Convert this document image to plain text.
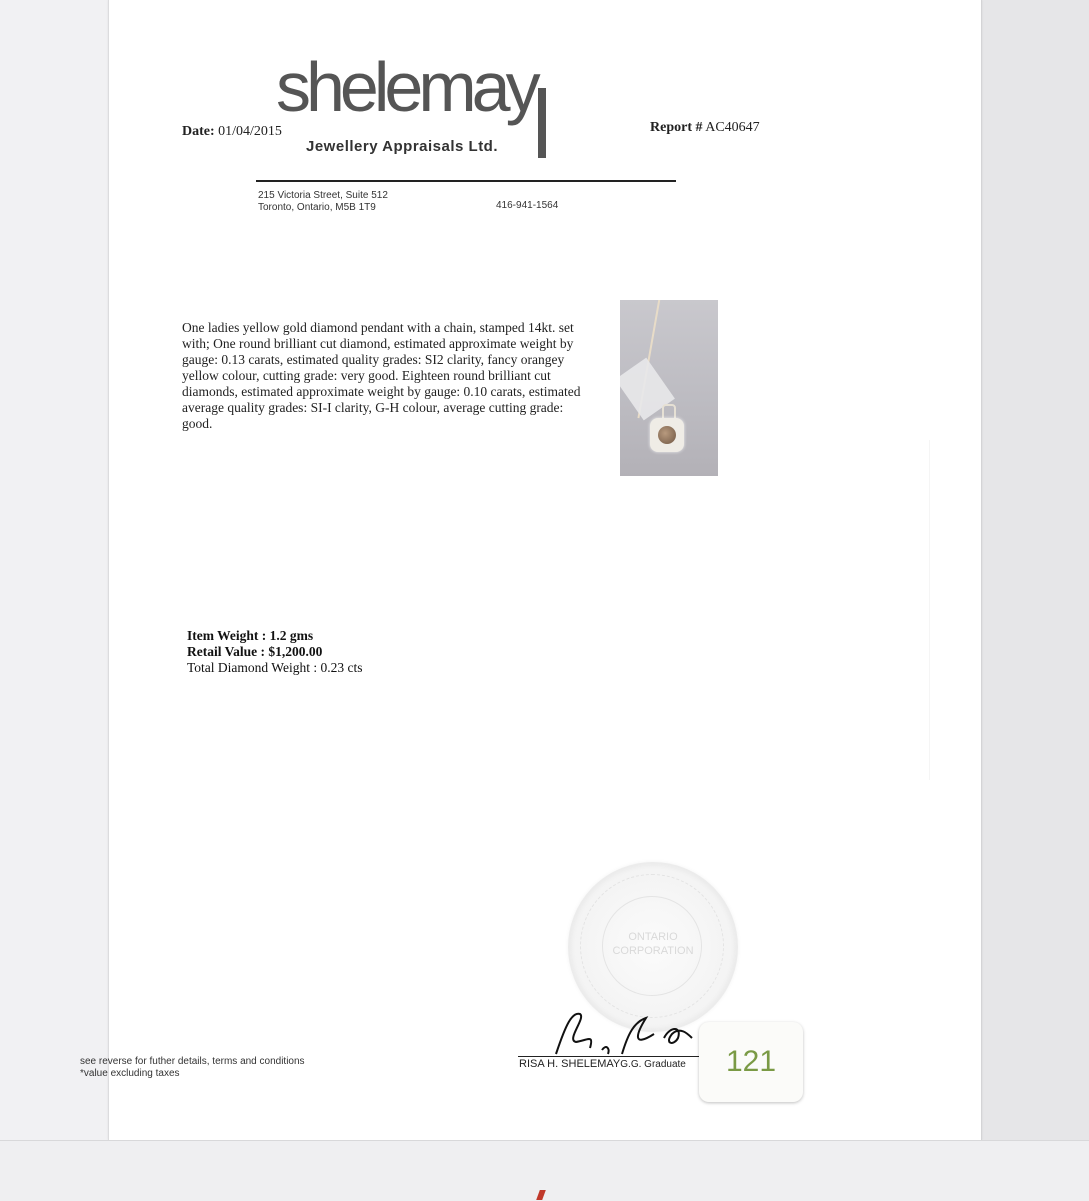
Date: 01/04/2015
shelemay
Jewellery Appraisals Ltd.
Report # AC40647
215 Victoria Street, Suite 512
Toronto, Ontario, M5B 1T9	416-941-1564
One ladies yellow gold diamond pendant with a chain, stamped 14kt. set with; One round brilliant cut diamond, estimated approximate weight by gauge: 0.13 carats, estimated quality grades: SI2 clarity, fancy orangey yellow colour, cutting grade: very good. Eighteen round brilliant cut diamonds, estimated approximate weight by gauge: 0.10 carats, estimated average quality grades: SI-I clarity, G-H colour, average cutting grade: good.
Item Weight : 1.2 gms
Retail Value : $1,200.00
Total Diamond Weight : 0.23 cts
ONTARIO
CORPORATION
RISA H. SHELEMAYG.G. Graduate
see reverse for futher details, terms and conditions
*value excluding taxes	121
